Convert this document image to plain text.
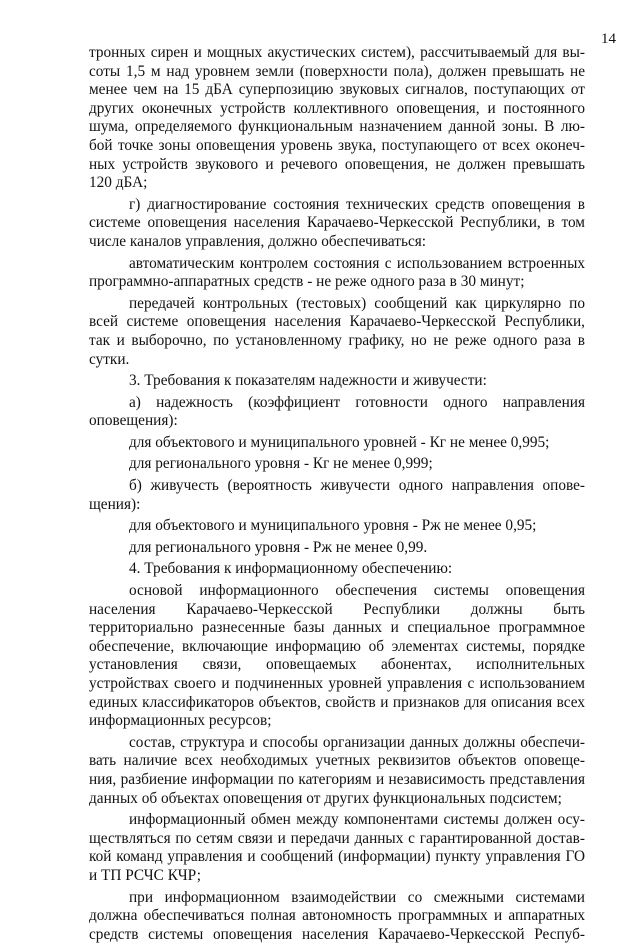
14
тронных сирен и мощных акустических систем), рассчитываемый для вы-
соты 1,5 м над уровнем земли (поверхности пола), должен превышать не
менее чем на 15 дБА суперпозицию звуковых сигналов, поступающих от
других оконечных устройств коллективного оповещения, и постоянного
шума, определяемого функциональным назначением данной зоны. В лю-
бой точке зоны оповещения уровень звука, поступающего от всех оконеч-
ных устройств звукового и речевого оповещения, не должен превышать
120 дБА;
г) диагностирование состояния технических средств оповещения в
системе оповещения населения Карачаево-Черкесской Республики, в том
числе каналов управления, должно обеспечиваться:
автоматическим контролем состояния с использованием встроенных
программно-аппаратных средств - не реже одного раза в 30 минут;
передачей контрольных (тестовых) сообщений как циркулярно по
всей системе оповещения населения Карачаево-Черкесской Республики,
так и выборочно, по установленному графику, но не реже одного раза в
сутки.
3. Требования к показателям надежности и живучести:
а) надежность (коэффициент готовности одного направления
оповещения):
для объектового и муниципального уровней - Кг не менее 0,995;
для регионального уровня - Кг не менее 0,999;
б) живучесть (вероятность живучести одного направления опове-
щения):
для объектового и муниципального уровня - Рж не менее 0,95;
для регионального уровня - Рж не менее 0,99.
4. Требования к информационному обеспечению:
основой информационного обеспечения системы оповещения
населения Карачаево-Черкесской Республики должны быть
территориально разнесенные базы данных и специальное программное
обеспечение, включающие информацию об элементах системы, порядке
установления связи, оповещаемых абонентах, исполнительных
устройствах своего и подчиненных уровней управления с использованием
единых классификаторов объектов, свойств и признаков для описания всех
информационных ресурсов;
состав, структура и способы организации данных должны обеспечи-
вать наличие всех необходимых учетных реквизитов объектов оповеще-
ния, разбиение информации по категориям и независимость представления
данных об объектах оповещения от других функциональных подсистем;
информационный обмен между компонентами системы должен осу-
ществляться по сетям связи и передачи данных с гарантированной достав-
кой команд управления и сообщений (информации) пункту управления ГО
и ТП РСЧС КЧР;
при информационном взаимодействии со смежными системами
должна обеспечиваться полная автономность программных и аппаратных
средств системы оповещения населения Карачаево-Черкесской Респуб-
